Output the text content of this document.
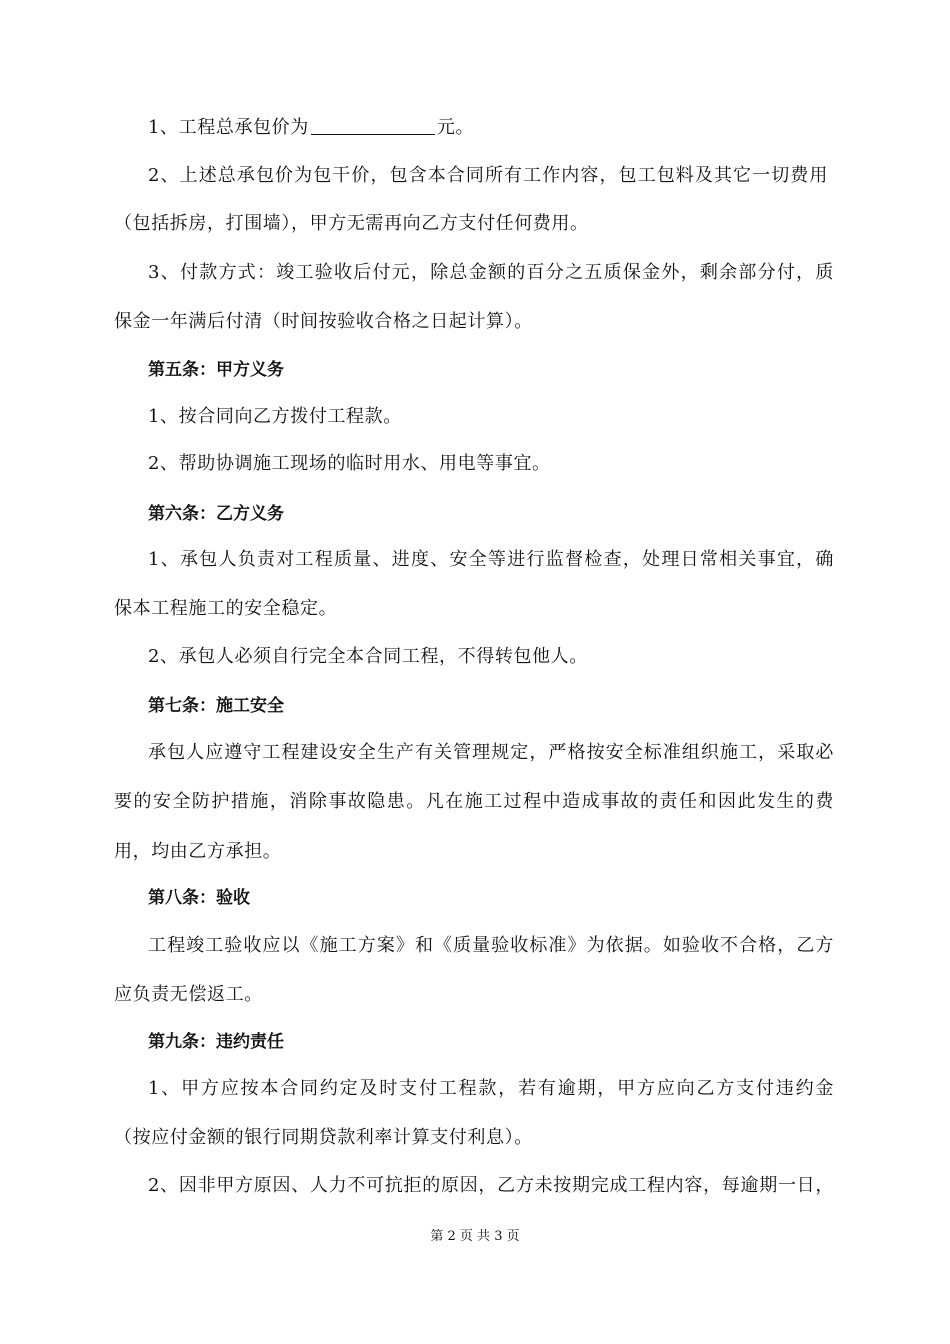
1、工程总承包价为	元。
2、上述总承包价为包干价，包含本合同所有工作内容，包工包料及其它一切费用
（包括拆房，打围墙），甲方无需再向乙方支付任何费用。
3、付款方式：竣工验收后付元，除总金额的百分之五质保金外，剩余部分付，质
保金一年满后付清（时间按验收合格之日起计算）。
第五条：甲方义务
1、按合同向乙方拨付工程款。
2、帮助协调施工现场的临时用水、用电等事宜。
第六条：乙方义务
1、承包人负责对工程质量、进度、安全等进行监督检查，处理日常相关事宜，确
保本工程施工的安全稳定。
2、承包人必须自行完全本合同工程，不得转包他人。
第七条：施工安全
承包人应遵守工程建设安全生产有关管理规定，严格按安全标准组织施工，采取必
要的安全防护措施，消除事故隐患。凡在施工过程中造成事故的责任和因此发生的费
用，均由乙方承担。
第八条：验收
工程竣工验收应以《施工方案》和《质量验收标准》为依据。如验收不合格，乙方
应负责无偿返工。
第九条：违约责任
1、甲方应按本合同约定及时支付工程款，若有逾期，甲方应向乙方支付违约金
（按应付金额的银行同期贷款利率计算支付利息）。
2、因非甲方原因、人力不可抗拒的原因，乙方未按期完成工程内容，每逾期一日，
第 2 页 共 3 页
